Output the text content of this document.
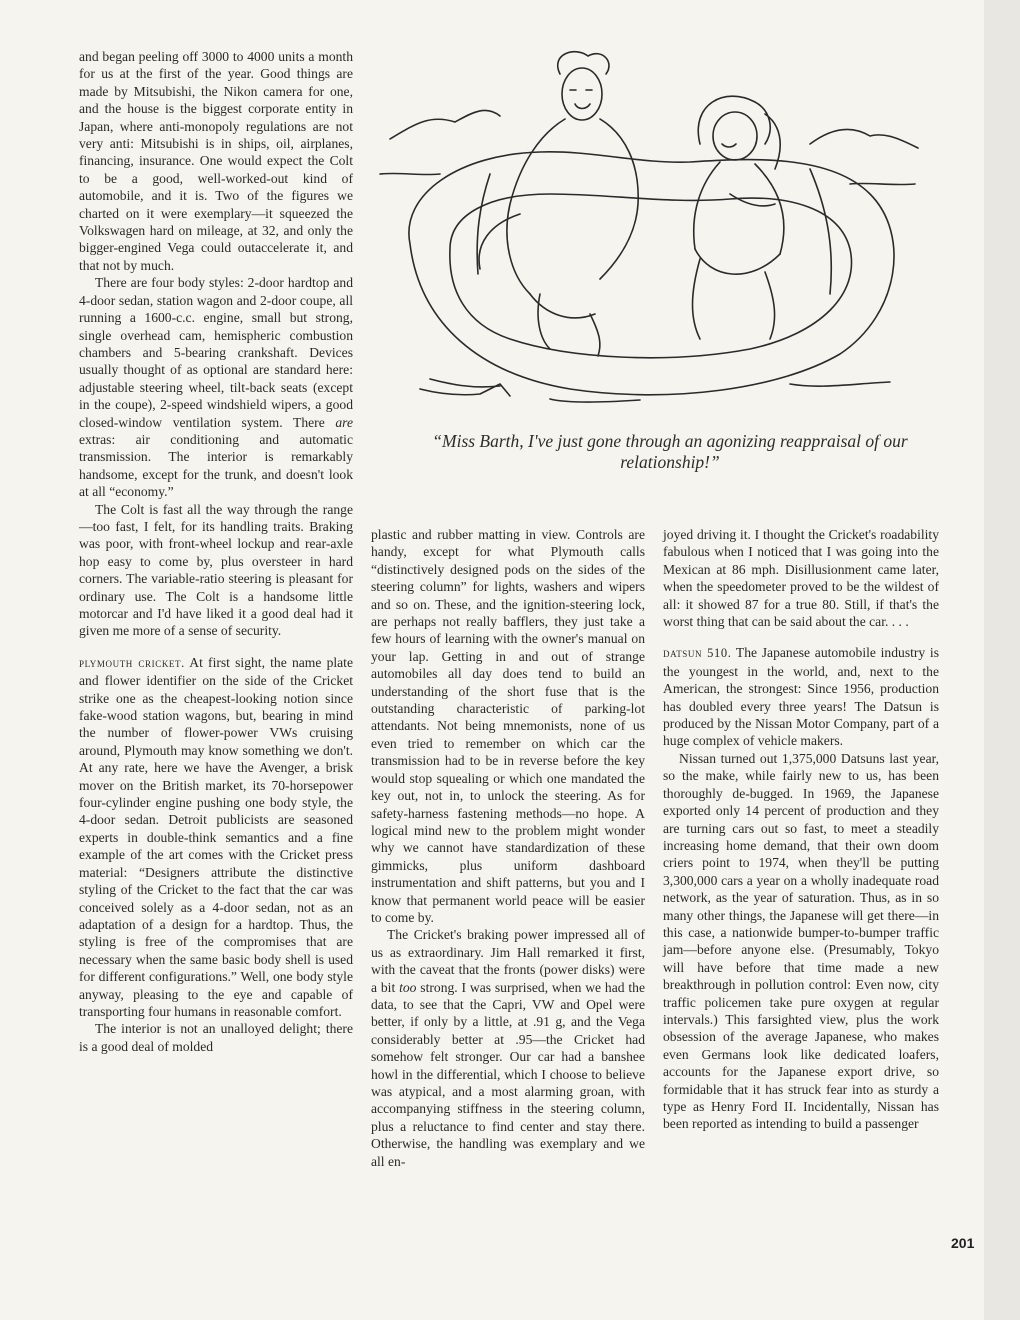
and began peeling off 3000 to 4000 units a month for us at the first of the year. Good things are made by Mitsubishi, the Nikon camera for one, and the house is the biggest corporate entity in Japan, where anti-monopoly regulations are not very anti: Mitsubishi is in ships, oil, airplanes, financing, insurance. One would expect the Colt to be a good, well-worked-out kind of automobile, and it is. Two of the figures we charted on it were exemplary—it squeezed the Volkswagen hard on mileage, at 32, and only the bigger-engined Vega could outaccelerate it, and that not by much.

There are four body styles: 2-door hardtop and 4-door sedan, station wagon and 2-door coupe, all running a 1600-c.c. engine, small but strong, single overhead cam, hemispheric combustion chambers and 5-bearing crankshaft. Devices usually thought of as optional are standard here: adjustable steering wheel, tilt-back seats (except in the coupe), 2-speed windshield wipers, a good closed-window ventilation system. There are extras: air conditioning and automatic transmission. The interior is remarkably handsome, except for the trunk, and doesn't look at all “economy.”

The Colt is fast all the way through the range—too fast, I felt, for its handling traits. Braking was poor, with front-wheel lockup and rear-axle hop easy to come by, plus oversteer in hard corners. The variable-ratio steering is pleasant for ordinary use. The Colt is a handsome little motorcar and I'd have liked it a good deal had it given me more of a sense of security.

plymouth cricket. At first sight, the name plate and flower identifier on the side of the Cricket strike one as the cheapest-looking notion since fake-wood station wagons, but, bearing in mind the number of flower-power VWs cruising around, Plymouth may know something we don't. At any rate, here we have the Avenger, a brisk mover on the British market, its 70-horsepower four-cylinder engine pushing one body style, the 4-door sedan. Detroit publicists are seasoned experts in double-think semantics and a fine example of the art comes with the Cricket press material: “Designers attribute the distinctive styling of the Cricket to the fact that the car was conceived solely as a 4-door sedan, not as an adaptation of a design for a hardtop. Thus, the styling is free of the compromises that are necessary when the same basic body shell is used for different configurations.” Well, one body style anyway, pleasing to the eye and capable of transporting four humans in reasonable comfort.

The interior is not an unalloyed delight; there is a good deal of molded

“Miss Barth, I've just gone through an agonizing reappraisal of our relationship!”

plastic and rubber matting in view. Controls are handy, except for what Plymouth calls “distinctively designed pods on the sides of the steering column” for lights, washers and wipers and so on. These, and the ignition-steering lock, are perhaps not really bafflers, they just take a few hours of learning with the owner's manual on your lap. Getting in and out of strange automobiles all day does tend to build an understanding of the short fuse that is the outstanding characteristic of parking-lot attendants. Not being mnemonists, none of us even tried to remember on which car the transmission had to be in reverse before the key would stop squealing or which one mandated the key out, not in, to unlock the steering. As for safety-harness fastening methods—no hope. A logical mind new to the problem might wonder why we cannot have standardization of these gimmicks, plus uniform dashboard instrumentation and shift patterns, but you and I know that permanent world peace will be easier to come by.

The Cricket's braking power impressed all of us as extraordinary. Jim Hall remarked it first, with the caveat that the fronts (power disks) were a bit too strong. I was surprised, when we had the data, to see that the Capri, VW and Opel were better, if only by a little, at .91 g, and the Vega considerably better at .95—the Cricket had somehow felt stronger. Our car had a banshee howl in the differential, which I choose to believe was atypical, and a most alarming groan, with accompanying stiffness in the steering column, plus a reluctance to find center and stay there. Otherwise, the handling was exemplary and we all en-

joyed driving it. I thought the Cricket's roadability fabulous when I noticed that I was going into the Mexican at 86 mph. Disillusionment came later, when the speedometer proved to be the wildest of all: it showed 87 for a true 80. Still, if that's the worst thing that can be said about the car. . . .

datsun 510. The Japanese automobile industry is the youngest in the world, and, next to the American, the strongest: Since 1956, production has doubled every three years! The Datsun is produced by the Nissan Motor Company, part of a huge complex of vehicle makers.

Nissan turned out 1,375,000 Datsuns last year, so the make, while fairly new to us, has been thoroughly de-bugged. In 1969, the Japanese exported only 14 percent of production and they are turning cars out so fast, to meet a steadily increasing home demand, that their own doom criers point to 1974, when they'll be putting 3,300,000 cars a year on a wholly inadequate road network, as the year of saturation. Thus, as in so many other things, the Japanese will get there—in this case, a nationwide bumper-to-bumper traffic jam—before anyone else. (Presumably, Tokyo will have before that time made a new breakthrough in pollution control: Even now, city traffic policemen take pure oxygen at regular intervals.) This farsighted view, plus the work obsession of the average Japanese, who makes even Germans look like dedicated loafers, accounts for the Japanese export drive, so formidable that it has struck fear into as sturdy a type as Henry Ford II. Incidentally, Nissan has been reported as intending to build a passenger

201
